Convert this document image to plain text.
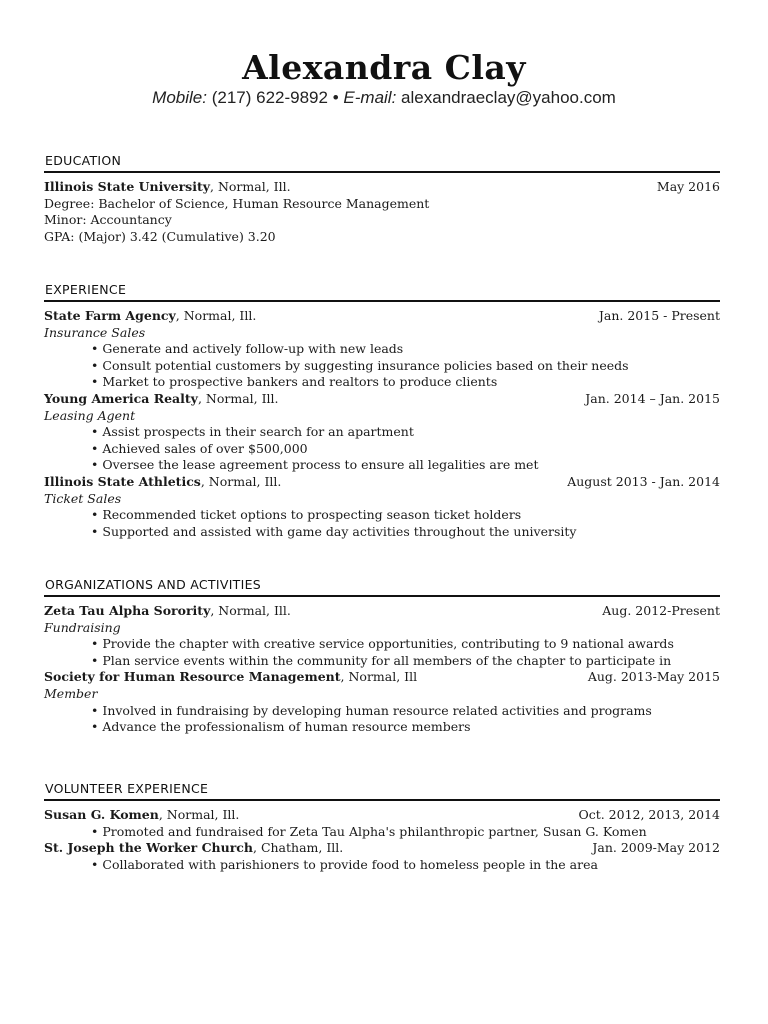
Alexandra Clay
Mobile: (217) 622-9892 • E-mail: alexandraeclay@yahoo.com
EDUCATION
Illinois State University, Normal, Ill.	May 2016
Degree: Bachelor of Science, Human Resource Management
Minor: Accountancy
GPA: (Major) 3.42 (Cumulative) 3.20
EXPERIENCE
State Farm Agency, Normal, Ill.	Jan. 2015 - Present
Insurance Sales
• Generate and actively follow-up with new leads
• Consult potential customers by suggesting insurance policies based on their needs
• Market to prospective bankers and realtors to produce clients
Young America Realty, Normal, Ill.	Jan. 2014 – Jan. 2015
Leasing Agent
• Assist prospects in their search for an apartment
• Achieved sales of over $500,000
• Oversee the lease agreement process to ensure all legalities are met
Illinois State Athletics, Normal, Ill.	August 2013 - Jan. 2014
Ticket Sales
• Recommended ticket options to prospecting season ticket holders
• Supported and assisted with game day activities throughout the university
ORGANIZATIONS AND ACTIVITIES
Zeta Tau Alpha Sorority, Normal, Ill.	Aug. 2012-Present
Fundraising
• Provide the chapter with creative service opportunities, contributing to 9 national awards
• Plan service events within the community for all members of the chapter to participate in
Society for Human Resource Management, Normal, Ill	Aug. 2013-May 2015
Member
• Involved in fundraising by developing human resource related activities and programs
• Advance the professionalism of human resource members
VOLUNTEER EXPERIENCE
Susan G. Komen, Normal, Ill.	Oct. 2012, 2013, 2014
• Promoted and fundraised for Zeta Tau Alpha's philanthropic partner, Susan G. Komen
St. Joseph the Worker Church, Chatham, Ill.	Jan. 2009-May 2012
• Collaborated with parishioners to provide food to homeless people in the area
